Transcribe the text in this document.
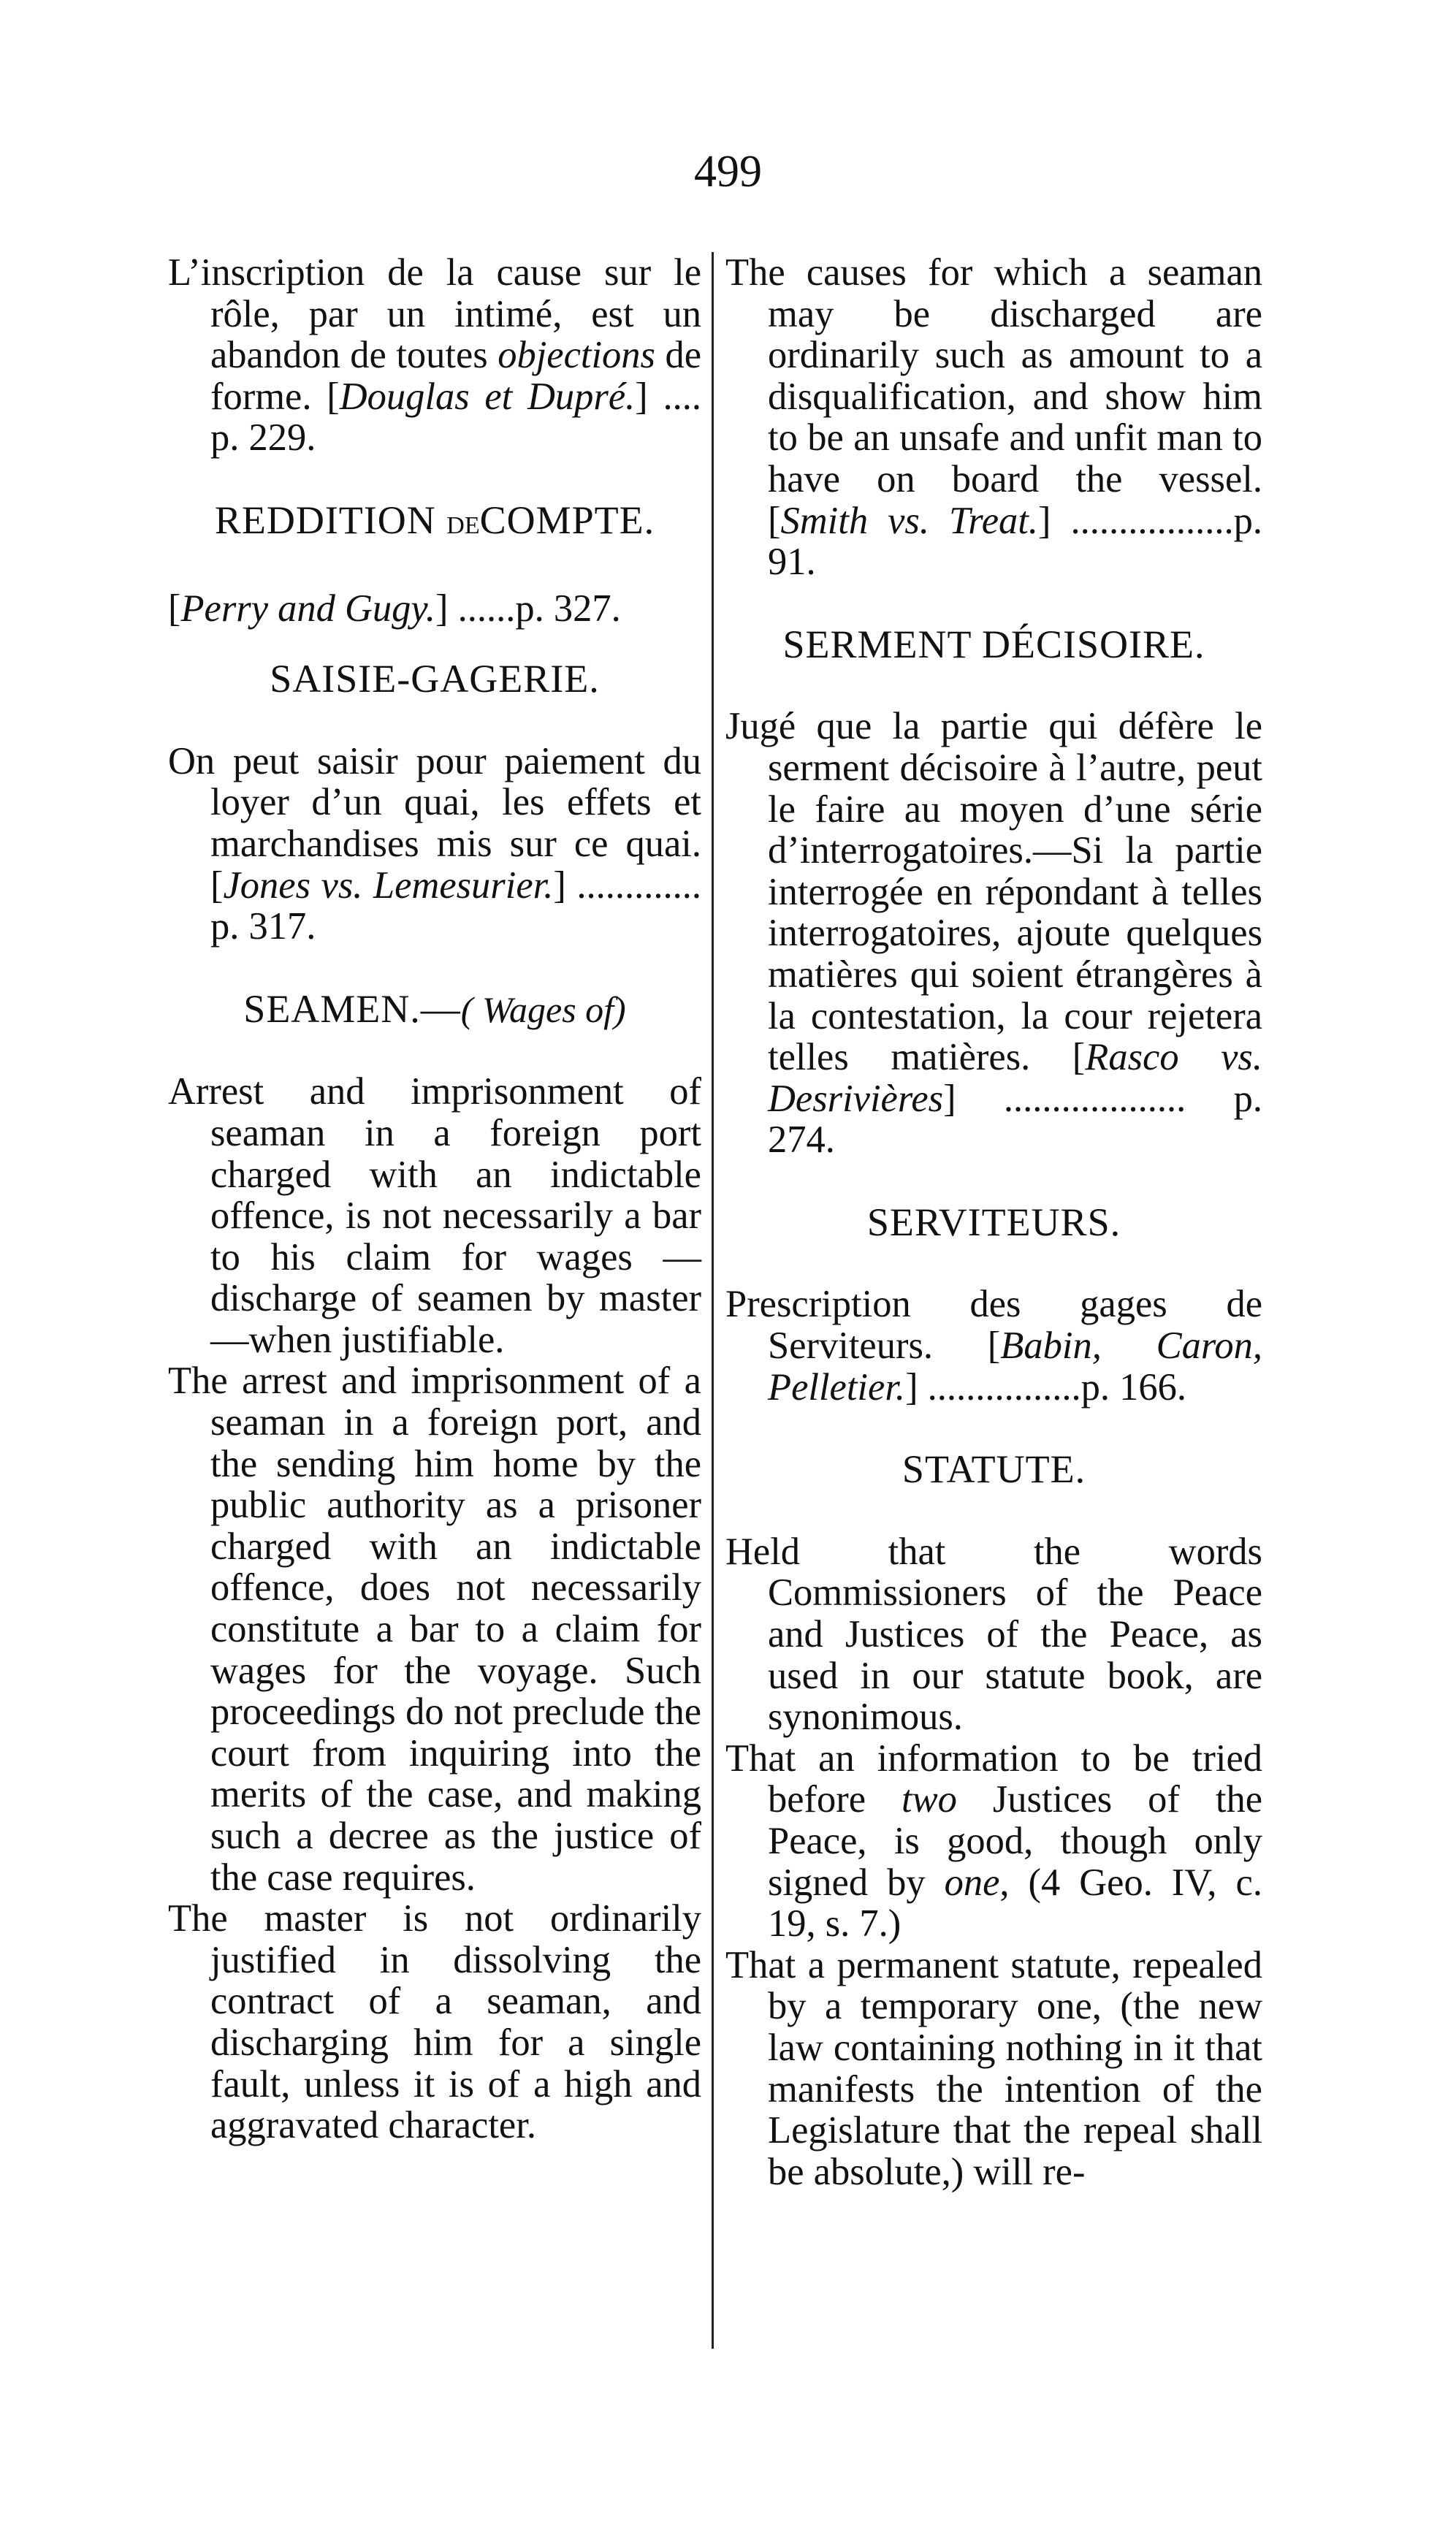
499

L’inscription de la cause sur le rôle, par un intimé, est un abandon de toutes objections de forme. [Douglas et Dupré.] .... p. 229.

REDDITION DECOMPTE.

[Perry and Gugy.] ......p. 327.

SAISIE-GAGERIE.

On peut saisir pour paiement du loyer d’un quai, les effets et marchandises mis sur ce quai. [Jones vs. Lemesurier.] ............. p. 317.

SEAMEN.—( Wages of)

Arrest and imprisonment of seaman in a foreign port charged with an indictable offence, is not necessarily a bar to his claim for wages —discharge of seamen by master—when justifiable.

The arrest and imprisonment of a seaman in a foreign port, and the sending him home by the public authority as a prisoner charged with an indictable offence, does not necessarily constitute a bar to a claim for wages for the voyage. Such proceedings do not preclude the court from inquiring into the merits of the case, and making such a decree as the justice of the case requires.

The master is not ordinarily justified in dissolving the contract of a seaman, and discharging him for a single fault, unless it is of a high and aggravated character.

The causes for which a seaman may be discharged are ordinarily such as amount to a disqualification, and show him to be an unsafe and unfit man to have on board the vessel. [Smith vs. Treat.] .................p. 91.

SERMENT DÉCISOIRE.

Jugé que la partie qui défère le serment décisoire à l’autre, peut le faire au moyen d’une série d’interrogatoires.—Si la partie interrogée en répondant à telles interrogatoires, ajoute quelques matières qui soient étrangères à la contestation, la cour rejetera telles matières. [Rasco vs. Desrivières] ................... p. 274.

SERVITEURS.

Prescription des gages de Serviteurs. [Babin, Caron, Pelletier.] ................p. 166.

STATUTE.

Held that the words Commissioners of the Peace and Justices of the Peace, as used in our statute book, are synonimous.

That an information to be tried before two Justices of the Peace, is good, though only signed by one, (4 Geo. IV, c. 19, s. 7.)

That a permanent statute, repealed by a temporary one, (the new law containing nothing in it that manifests the intention of the Legislature that the repeal shall be absolute,) will re-
